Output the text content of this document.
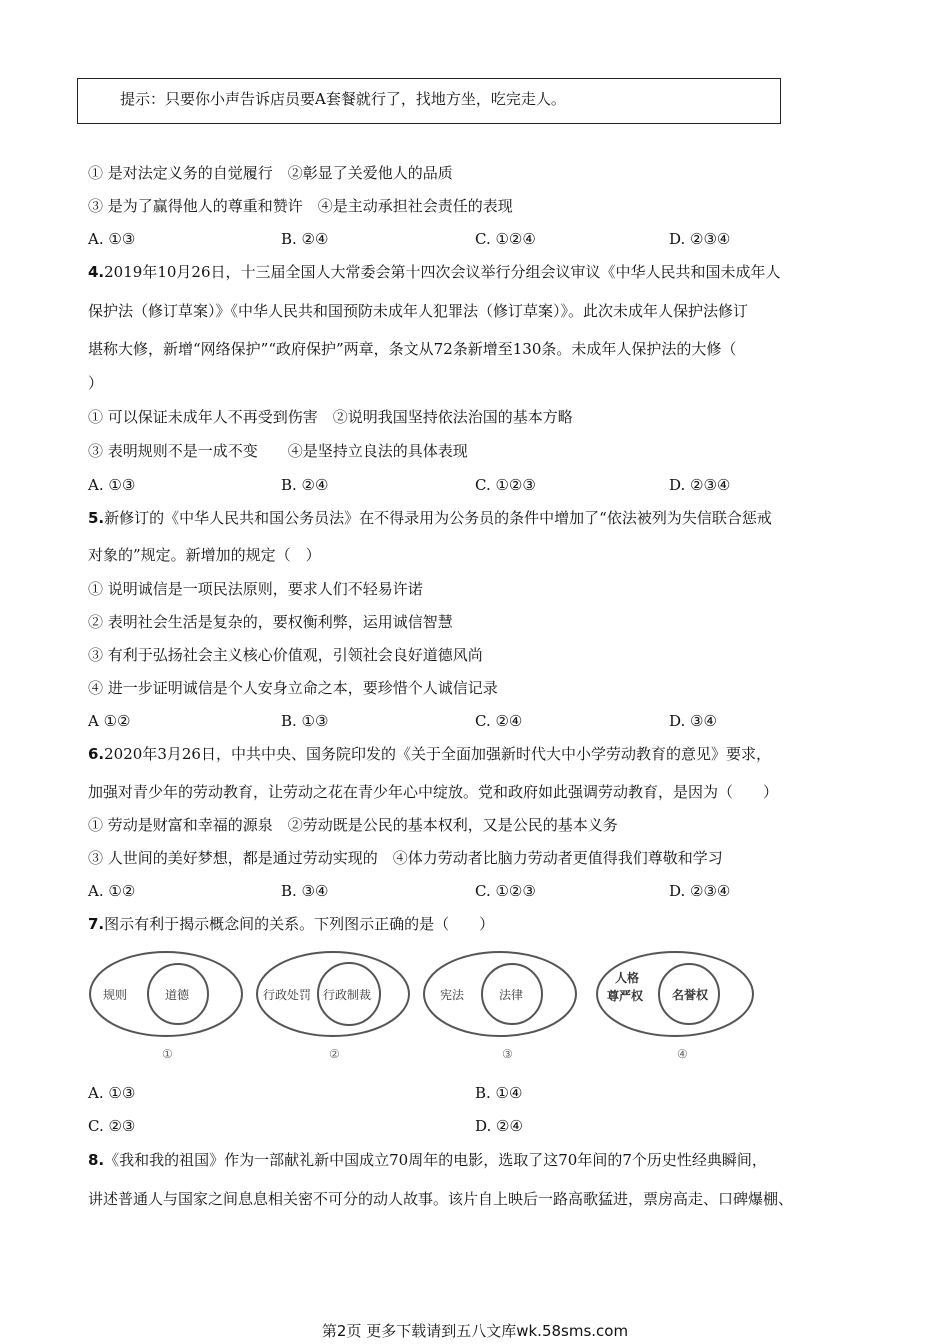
提示：只要你小声告诉店员要A套餐就行了，找地方坐，吃完走人。
① 是对法定义务的自觉履行　②彰显了关爱他人的品质
③ 是为了赢得他人的尊重和赞许　④是主动承担社会责任的表现
A. ①③	B. ②④	C. ①②④	D. ②③④
4.2019年10月26日，十三届全国人大常委会第十四次会议举行分组会议审议《中华人民共和国未成年人
保护法（修订草案）》《中华人民共和国预防未成年人犯罪法（修订草案）》。此次未成年人保护法修订
堪称大修，新增“网络保护”“政府保护”两章，条文从72条新增至130条。未成年人保护法的大修（
）
① 可以保证未成年人不再受到伤害　②说明我国坚持依法治国的基本方略
③ 表明规则不是一成不变　　④是坚持立良法的具体表现
A. ①③	B. ②④	C. ①②③	D. ②③④
5.新修订的《中华人民共和国公务员法》在不得录用为公务员的条件中增加了“依法被列为失信联合惩戒
对象的”规定。新增加的规定（　）
① 说明诚信是一项民法原则，要求人们不轻易许诺
② 表明社会生活是复杂的，要权衡利弊，运用诚信智慧
③ 有利于弘扬社会主义核心价值观，引领社会良好道德风尚
④ 进一步证明诚信是个人安身立命之本，要珍惜个人诚信记录
A ①②	B. ①③	C. ②④	D. ③④
6.2020年3月26日，中共中央、国务院印发的《关于全面加强新时代大中小学劳动教育的意见》要求，
加强对青少年的劳动教育，让劳动之花在青少年心中绽放。党和政府如此强调劳动教育，是因为（　　）
① 劳动是财富和幸福的源泉　②劳动既是公民的基本权利，又是公民的基本义务
③ 人世间的美好梦想，都是通过劳动实现的　④体力劳动者比脑力劳动者更值得我们尊敬和学习
A. ①②	B. ③④	C. ①②③	D. ②③④
7.图示有利于揭示概念间的关系。下列图示正确的是（　　）
规则	道德
①
行政处罚 行政制裁
②
宪法	法律
③
人格
尊严权 名誉权
④
A. ①③	B. ①④
C. ②③	D. ②④
8.《我和我的祖国》作为一部献礼新中国成立70周年的电影，选取了这70年间的7个历史性经典瞬间，
讲述普通人与国家之间息息相关密不可分的动人故事。该片自上映后一路高歌猛进，票房高走、口碑爆棚、
第2页 更多下载请到五八文库wk.58sms.com
